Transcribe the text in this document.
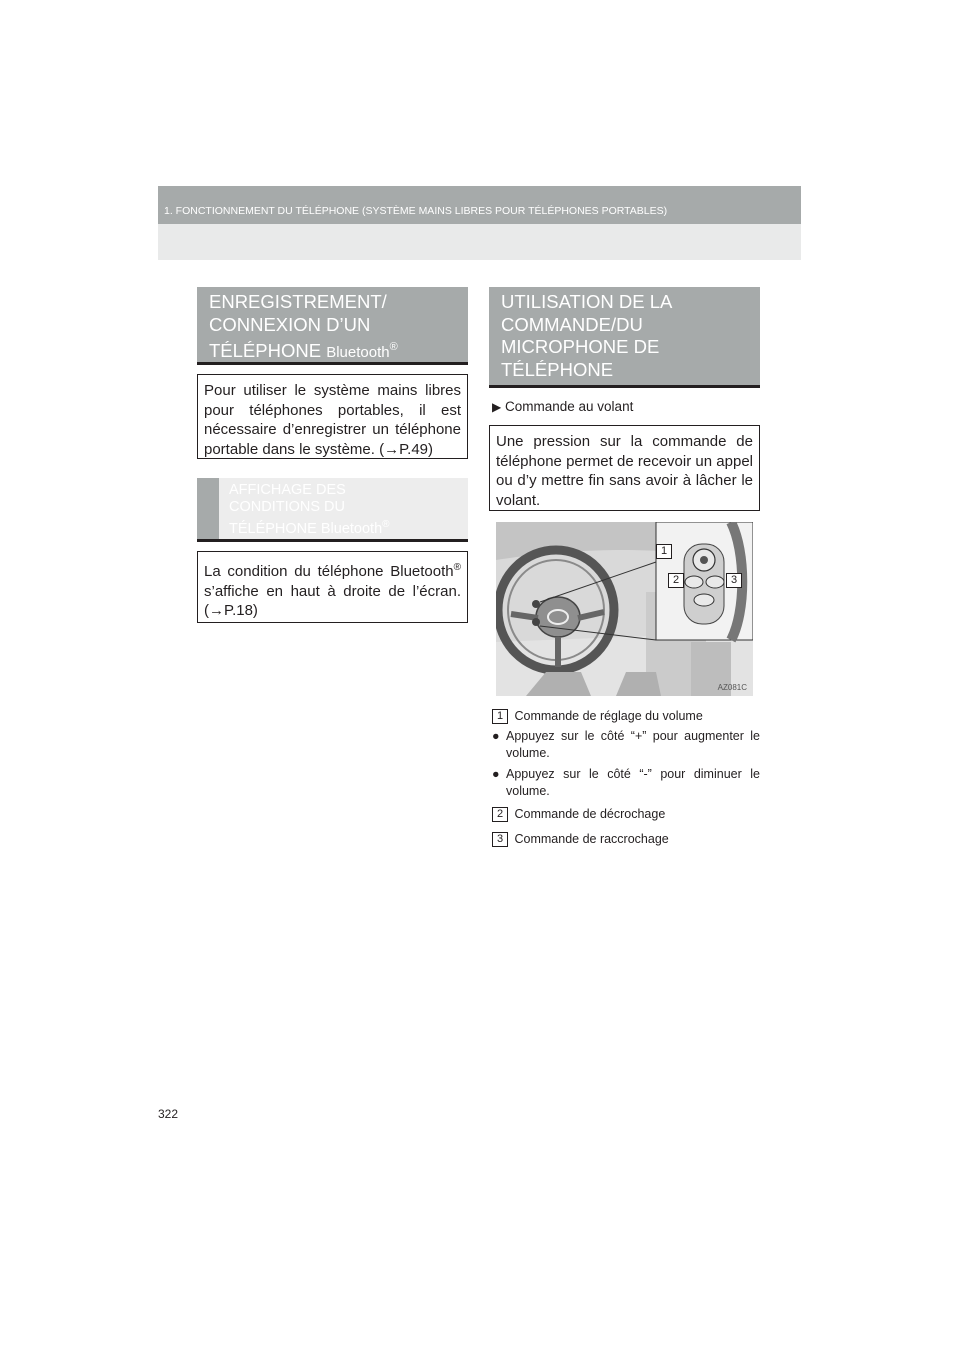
1. FONCTIONNEMENT DU TÉLÉPHONE (SYSTÈME MAINS LIBRES POUR TÉLÉPHONES PORTABLES)
ENREGISTREMENT/
CONNEXION D’UN
TÉLÉPHONE Bluetooth®
Pour utiliser le système mains libres pour téléphones portables, il est nécessaire d’enregistrer un téléphone portable dans le système. (→P.49)
AFFICHAGE DES
CONDITIONS DU
TÉLÉPHONE Bluetooth®
La condition du téléphone Bluetooth® s’affiche en haut à droite de l’écran. (→P.18)
UTILISATION DE LA
COMMANDE/DU
MICROPHONE DE
TÉLÉPHONE
▶ Commande au volant
Une pression sur la commande de téléphone permet de recevoir un appel ou d’y mettre fin sans avoir à lâcher le volant.
1
2	3
AZ081C
1 Commande de réglage du volume
● Appuyez sur le côté “+” pour augmenter le volume.
● Appuyez sur le côté “-” pour diminuer le volume.
2 Commande de décrochage
3 Commande de raccrochage
322
